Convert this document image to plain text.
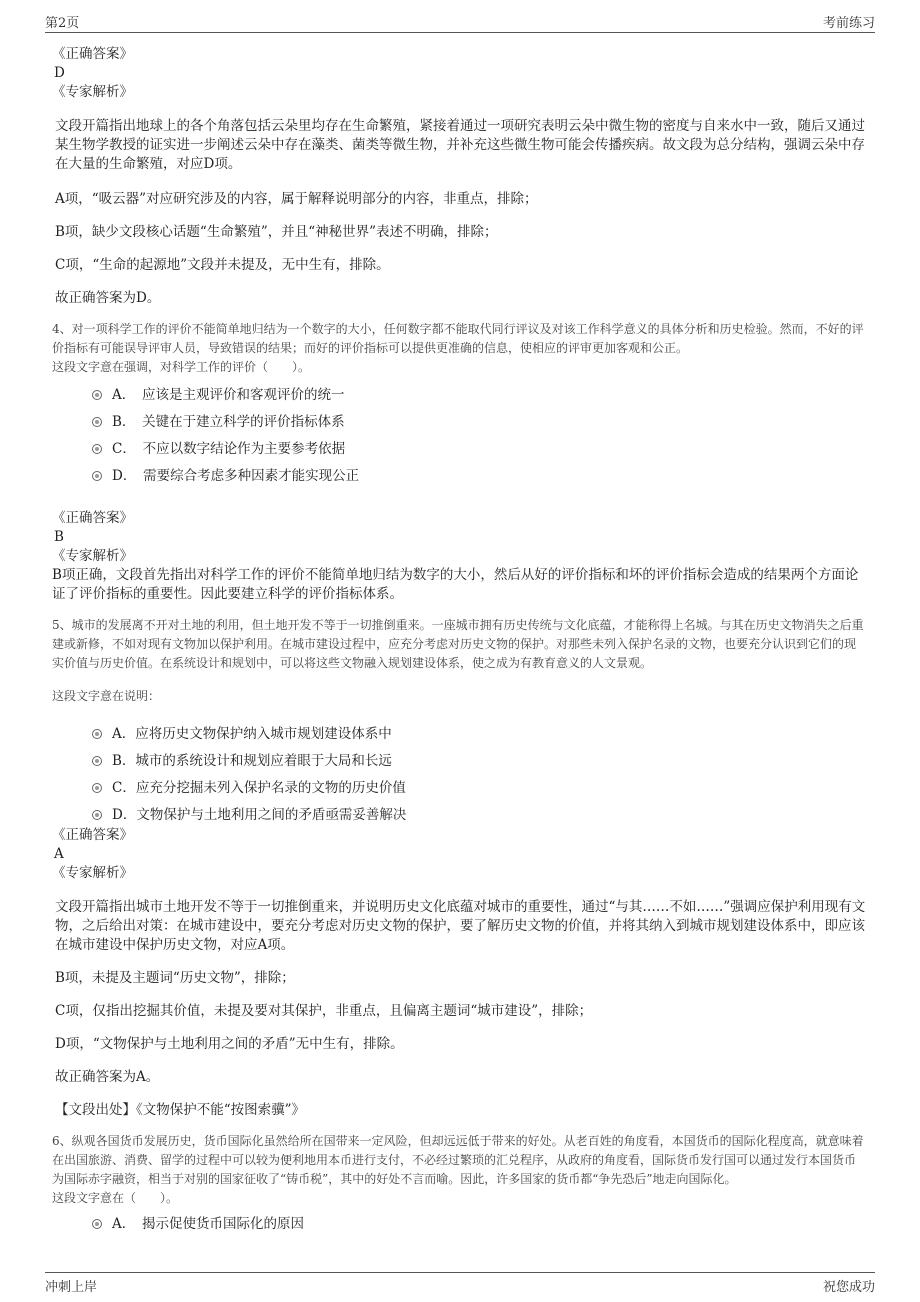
第2页	考前练习

《正确答案》

D

《专家解析》

文段开篇指出地球上的各个角落包括云朵里均存在生命繁殖，紧接着通过一项研究表明云朵中微生物的密度与自来水中一致，随后又通过某生物学教授的证实进一步阐述云朵中存在藻类、菌类等微生物，并补充这些微生物可能会传播疾病。故文段为总分结构，强调云朵中存在大量的生命繁殖，对应D项。

A项，“吸云器”对应研究涉及的内容，属于解释说明部分的内容，非重点，排除；

B项，缺少文段核心话题“生命繁殖”，并且“神秘世界”表述不明确，排除；

C项，“生命的起源地”文段并未提及，无中生有，排除。

故正确答案为D。

4、对一项科学工作的评价不能简单地归结为一个数字的大小，任何数字都不能取代同行评议及对该工作科学意义的具体分析和历史检验。然而，不好的评价指标有可能误导评审人员，导致错误的结果；而好的评价指标可以提供更准确的信息，使相应的评审更加客观和公正。

这段文字意在强调，对科学工作的评价（　　）。

A．　应该是主观评价和客观评价的统一
B．　关键在于建立科学的评价指标体系
C．　不应以数字结论作为主要参考依据
D．　需要综合考虑多种因素才能实现公正

《正确答案》

B

《专家解析》

B项正确，文段首先指出对科学工作的评价不能简单地归结为数字的大小，然后从好的评价指标和坏的评价指标会造成的结果两个方面论证了评价指标的重要性。因此要建立科学的评价指标体系。

5、城市的发展离不开对土地的利用，但土地开发不等于一切推倒重来。一座城市拥有历史传统与文化底蕴，才能称得上名城。与其在历史文物消失之后重建或新修，不如对现有文物加以保护利用。在城市建设过程中，应充分考虑对历史文物的保护。对那些未列入保护名录的文物，也要充分认识到它们的现实价值与历史价值。在系统设计和规划中，可以将这些文物融入规划建设体系，使之成为有教育意义的人文景观。

这段文字意在说明：

A．应将历史文物保护纳入城市规划建设体系中
B．城市的系统设计和规划应着眼于大局和长远
C．应充分挖掘未列入保护名录的文物的历史价值
D．文物保护与土地利用之间的矛盾亟需妥善解决

《正确答案》

A

《专家解析》

文段开篇指出城市土地开发不等于一切推倒重来，并说明历史文化底蕴对城市的重要性，通过“与其……不如……”强调应保护利用现有文物，之后给出对策：在城市建设中，要充分考虑对历史文物的保护，要了解历史文物的价值，并将其纳入到城市规划建设体系中，即应该在城市建设中保护历史文物，对应A项。

B项，未提及主题词“历史文物”，排除；

C项，仅指出挖掘其价值，未提及要对其保护，非重点，且偏离主题词“城市建设”，排除；

D项，“文物保护与土地利用之间的矛盾”无中生有，排除。

故正确答案为A。

【文段出处】《文物保护不能“按图索骥”》

6、纵观各国货币发展历史，货币国际化虽然给所在国带来一定风险，但却远远低于带来的好处。从老百姓的角度看，本国货币的国际化程度高，就意味着在出国旅游、消费、留学的过程中可以较为便利地用本币进行支付，不必经过繁琐的汇兑程序，从政府的角度看，国际货币发行国可以通过发行本国货币为国际赤字融资，相当于对别的国家征收了“铸币税”，其中的好处不言而喻。因此，许多国家的货币都“争先恐后”地走向国际化。

这段文字意在（　　）。

A．　揭示促使货币国际化的原因
冲刺上岸	祝您成功
